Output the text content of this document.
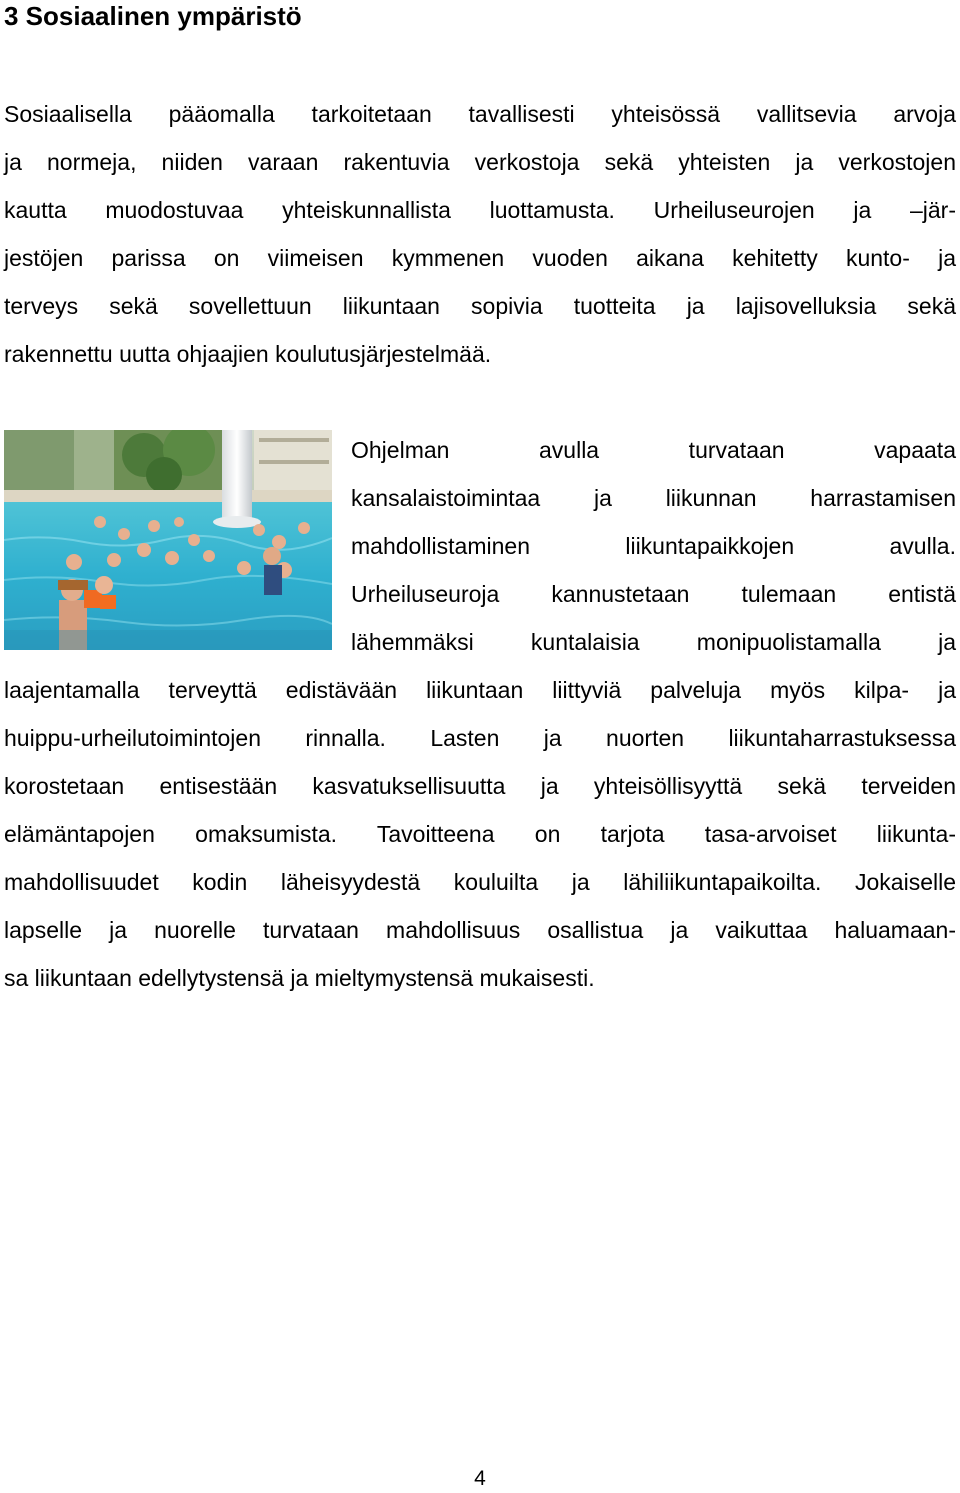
3 Sosiaalinen ympäristö
Sosiaalisella pääomalla tarkoitetaan tavallisesti yhteisössä vallitsevia arvoja
ja normeja, niiden varaan rakentuvia verkostoja sekä yhteisten ja verkostojen
kautta muodostuvaa yhteiskunnallista luottamusta. Urheiluseurojen ja –jär-
jestöjen parissa on viimeisen kymmenen vuoden aikana kehitetty kunto- ja
terveys sekä sovellettuun liikuntaan sopivia tuotteita ja lajisovelluksia sekä
rakennettu uutta ohjaajien koulutusjärjestelmää.
Ohjelman avulla turvataan vapaata
kansalaistoimintaa ja liikunnan harrastamisen
mahdollistaminen liikuntapaikkojen avulla.
Urheiluseuroja kannustetaan tulemaan entistä
lähemmäksi kuntalaisia monipuolistamalla ja
laajentamalla terveyttä edistävään liikuntaan liittyviä palveluja myös kilpa- ja
huippu-urheilutoimintojen rinnalla. Lasten ja nuorten liikuntaharrastuksessa
korostetaan entisestään kasvatuksellisuutta ja yhteisöllisyyttä sekä terveiden
elämäntapojen omaksumista. Tavoitteena on tarjota tasa-arvoiset liikunta-
mahdollisuudet kodin läheisyydestä kouluilta ja lähiliikuntapaikoilta. Jokaiselle
lapselle ja nuorelle turvataan mahdollisuus osallistua ja vaikuttaa haluamaan-
sa liikuntaan edellytystensä ja mieltymystensä mukaisesti.
4
